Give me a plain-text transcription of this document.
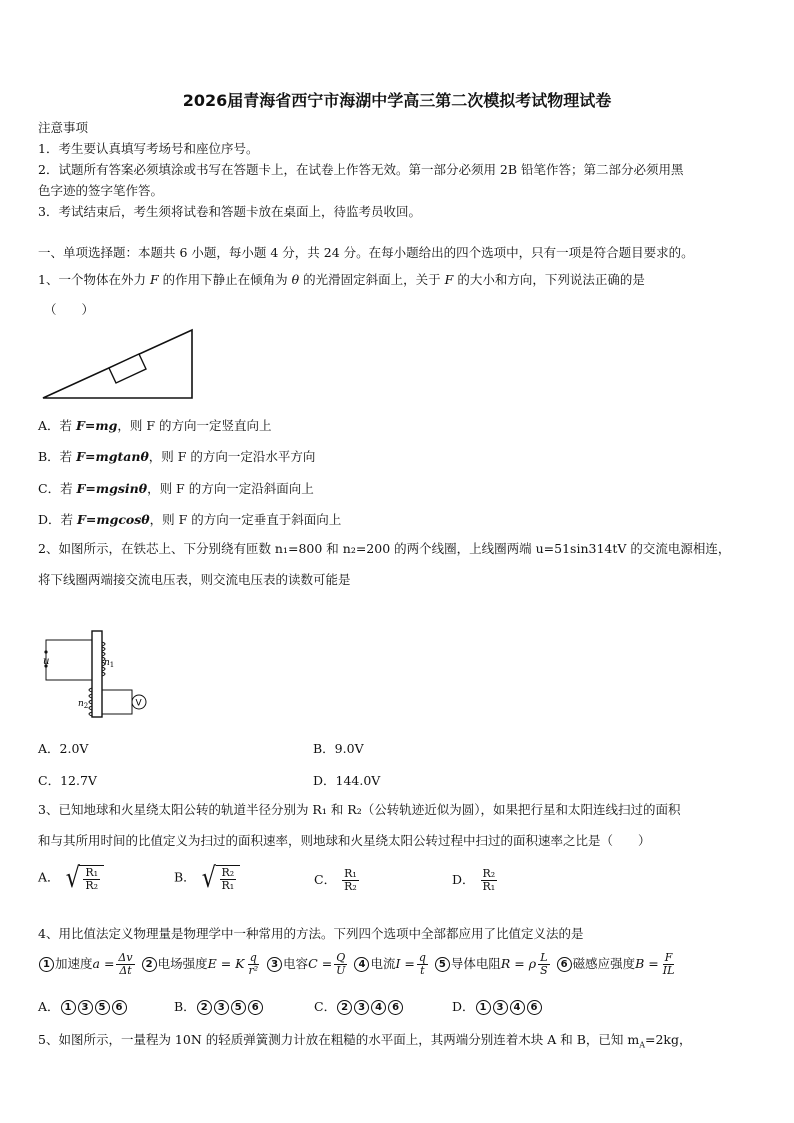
2026届青海省西宁市海湖中学高三第二次模拟考试物理试卷
注意事项
1．考生要认真填写考场号和座位序号。
2．试题所有答案必须填涂或书写在答题卡上，在试卷上作答无效。第一部分必须用 2B 铅笔作答；第二部分必须用黑
色字迹的签字笔作答。
3．考试结束后，考生须将试卷和答题卡放在桌面上，待监考员收回。
一、单项选择题：本题共 6 小题，每小题 4 分，共 24 分。在每小题给出的四个选项中，只有一项是符合题目要求的。
1、一个物体在外力 F 的作用下静止在倾角为 θ 的光滑固定斜面上，关于 F 的大小和方向，下列说法正确的是
（　　）
A．若 F=mg，则 F 的方向一定竖直向上
B．若 F=mgtanθ，则 F 的方向一定沿水平方向
C．若 F=mgsinθ，则 F 的方向一定沿斜面向上
D．若 F=mgcosθ，则 F 的方向一定垂直于斜面向上
2、如图所示，在铁芯上、下分别绕有匝数 n₁=800 和 n₂=200 的两个线圈，上线圈两端 u=51sin314tV 的交流电源相连，
将下线圈两端接交流电压表，则交流电压表的读数可能是
u	$n_1$
$n_2$	V
A．2.0V	B．9.0V
C．12.7V	D．144.0V
3、已知地球和火星绕太阳公转的轨道半径分别为 R₁ 和 R₂（公转轨迹近似为圆），如果把行星和太阳连线扫过的面积
和与其所用时间的比值定义为扫过的面积速率，则地球和火星绕太阳公转过程中扫过的面积速率之比是（　　）
A． √ $\frac{\text{R₁}}{\text{R₂}}$	B． √ $\frac{\text{R₂}}{\text{R₁}}$	C． $\frac{\text{R₁}}{\text{R₂}}$	D． $\frac{\text{R₂}}{\text{R₁}}$
4、用比值法定义物理量是物理学中一种常用的方法。下列四个选项中全部都应用了比值定义法的是
1 加速度$a = \frac{\Delta v}{\Delta t} 2$ 电场强度E = K $\frac{q}{\text{r²}} 3$ 电容$C = \frac{Q}{U} 4$ 电流$I = \frac{q}{t} 5$ 导体电阻R = ρ $\frac{L}{S} 6$ 磁感应强度$B = \frac{F}{IL}$
A． 1 3 5 6	B． 2 3 5 6	C． 2 3 4 6	D． 1 3 4 6
5、如图所示，一量程为 10N 的轻质弹簧测力计放在粗糙的水平面上，其两端分别连着木块 A 和 B，已知 $m_A=2kg$，
